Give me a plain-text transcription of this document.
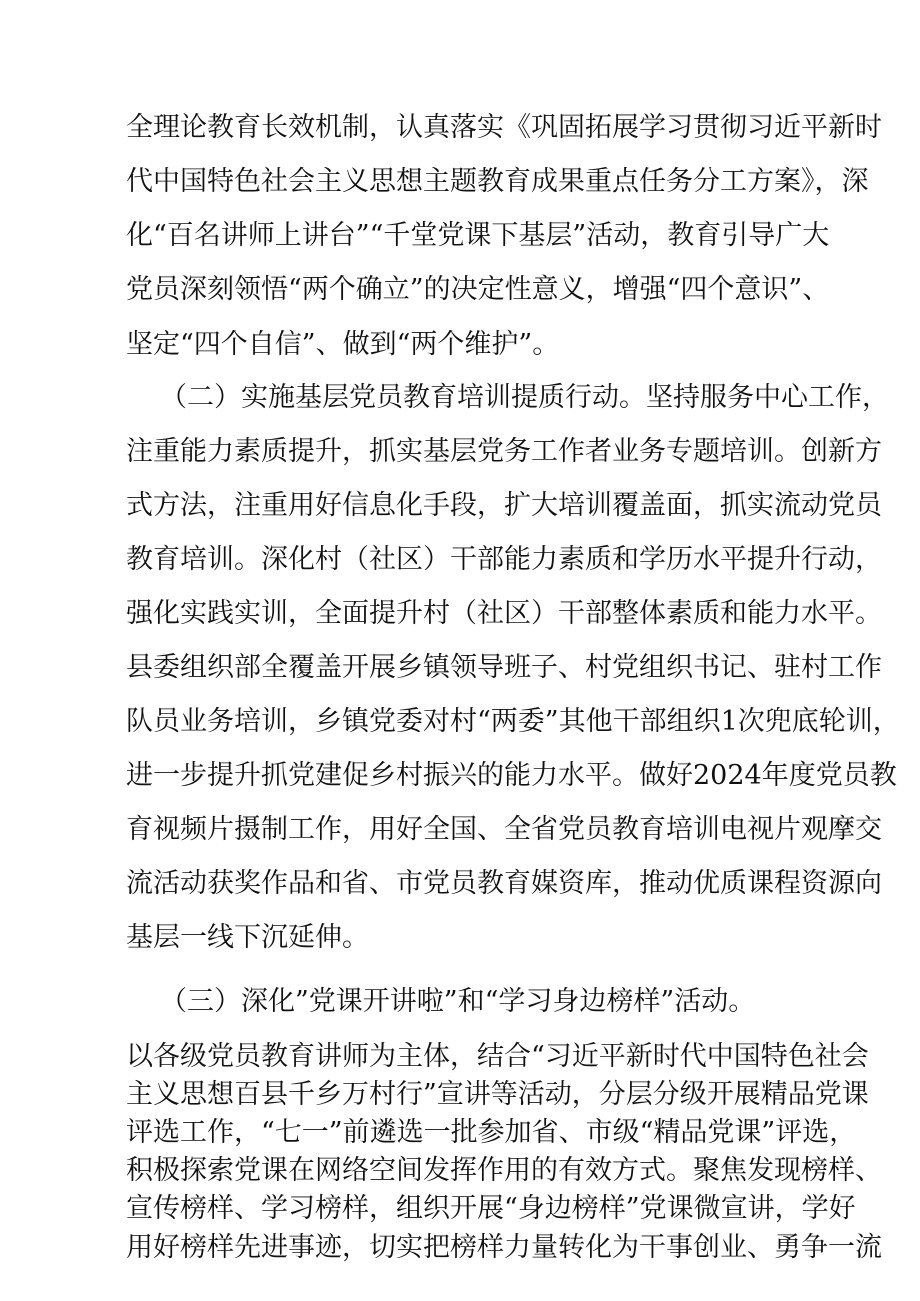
全理论教育长效机制，认真落实《巩固拓展学习贯彻习近平新时
代中国特色社会主义思想主题教育成果重点任务分工方案》，深
化“百名讲师上讲台”“千堂党课下基层”活动，教育引导广大
党员深刻领悟“两个确立”的决定性意义，增强“四个意识”、
坚定“四个自信”、做到“两个维护”。
（二）实施基层党员教育培训提质行动。坚持服务中心工作，
注重能力素质提升，抓实基层党务工作者业务专题培训。创新方
式方法，注重用好信息化手段，扩大培训覆盖面，抓实流动党员
教育培训。深化村（社区）干部能力素质和学历水平提升行动，
强化实践实训，全面提升村（社区）干部整体素质和能力水平。
县委组织部全覆盖开展乡镇领导班子、村党组织书记、驻村工作
队员业务培训，乡镇党委对村“两委”其他干部组织1次兜底轮训，
进一步提升抓党建促乡村振兴的能力水平。做好2024年度党员教
育视频片摄制工作，用好全国、全省党员教育培训电视片观摩交
流活动获奖作品和省、市党员教育媒资库，推动优质课程资源向
基层一线下沉延伸。
（三）深化”党课开讲啦”和“学习身边榜样”活动。
以各级党员教育讲师为主体，结合“习近平新时代中国特色社会
主义思想百县千乡万村行”宣讲等活动，分层分级开展精品党课
评选工作，“七一”前遴选一批参加省、市级“精品党课”评选，
积极探索党课在网络空间发挥作用的有效方式。聚焦发现榜样、
宣传榜样、学习榜样，组织开展“身边榜样”党课微宣讲，学好
用好榜样先进事迹，切实把榜样力量转化为干事创业、勇争一流
